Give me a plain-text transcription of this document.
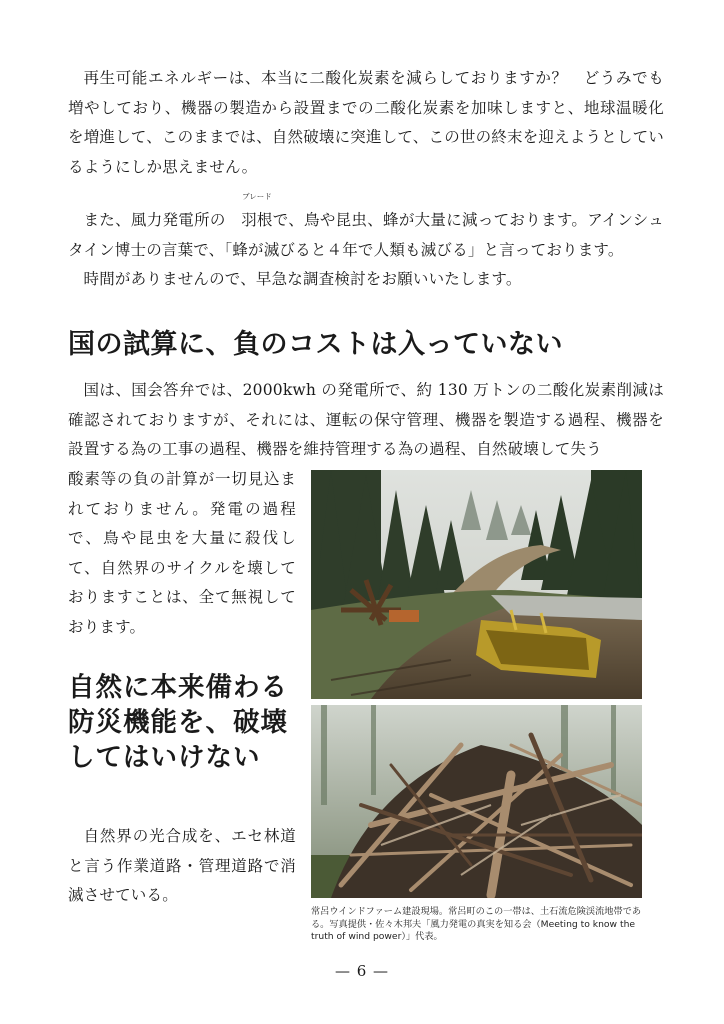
再生可能エネルギーは、本当に二酸化炭素を減らしておりますか？　どうみでも増やしており、機器の製造から設置までの二酸化炭素を加味しますと、地球温暖化を増進して、このままでは、自然破壊に突進して、この世の終末を迎えようとしているようにしか思えません。

また、風力発電所の 羽根
ブレード
で、鳥や昆虫、蜂が大量に減っております。アインシュタイン博士の言葉で、「蜂が滅びると４年で人類も滅びる」と言っております。

時間がありませんので、早急な調査検討をお願いいたします。

国の試算に、負のコストは入っていない

国は、国会答弁では、2000kwh の発電所で、約 130 万トンの二酸化炭素削減は確認されておりますが、それには、運転の保守管理、機器を製造する過程、機器を設置する為の工事の過程、機器を維持管理する為の過程、自然破壊して失う

酸素等の負の計算が一切見込まれておりません。発電の過程で、鳥や昆虫を大量に殺伐して、自然界のサイクルを壊しておりますことは、全て無視しております。

自然に本来備わる防災機能を、破壊してはいけない

自然界の光合成を、エセ林道と言う作業道路・管理道路で消滅させている。

常呂ウインドファーム建設現場。常呂町のこの一帯は、土石流危険渓流地帯である。写真提供・佐々木邦夫「風力発電の真実を知る会（Meeting to know the truth of wind power）」代表。

— 6 —
